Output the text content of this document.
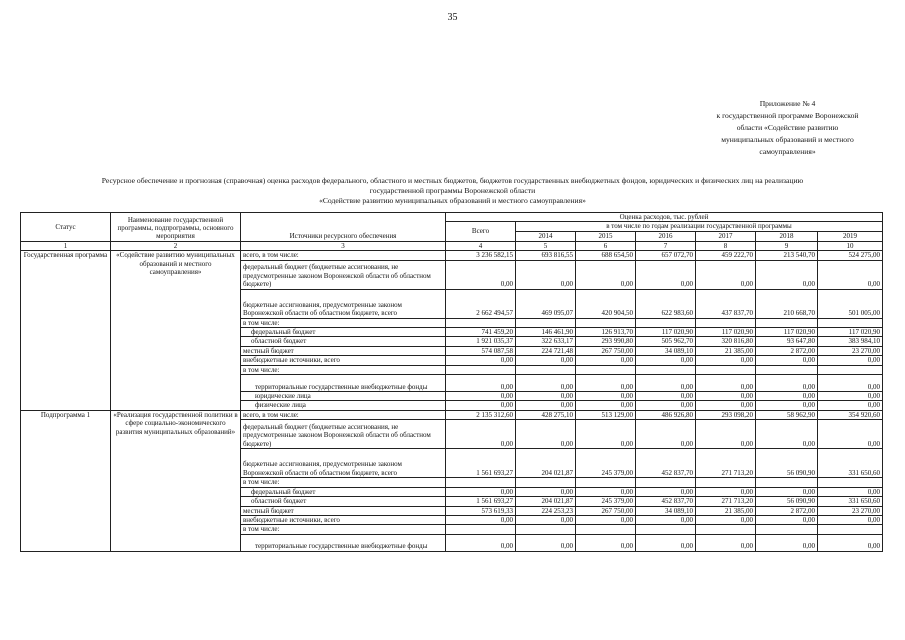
35
Приложение № 4
к государственной программе Воронежской
области «Содействие развитию
муниципальных образований и местного
самоуправления»
Ресурсное обеспечение и прогнозная (справочная) оценка расходов федерального, областного и местных бюджетов, бюджетов государственных внебюджетных фондов, юридических и физических лиц на реализацию
государственной программы Воронежской области
«Содействие развитию муниципальных образований и местного самоуправления»
Статус	Наименование государственной программы, подпрограммы, основного мероприятия	Источники ресурсного обеспечения	Оценка расходов, тыс. рублей						
			Всего	в том числе по годам реализации государственной программы					
				2014	2015	2016	2017	2018	2019
1	2	3	4	5	6	7	8	9	10
Государственная программа	«Содействие развитию муниципальных образований и местного самоуправления»	всего, в том числе:	3 236 582,15	693 816,55	688 654,50	657 072,70	459 222,70	213 540,70	524 275,00
		федеральный бюджет (бюджетные ассигнования, не предусмотренные законом Воронежской области об областном бюджете)	0,00	0,00	0,00	0,00	0,00	0,00	0,00
		бюджетные ассигнования, предусмотренные законом Воронежской области об областном бюджете, всего	2 662 494,57	469 095,07	420 904,50	622 983,60	437 837,70	210 668,70	501 005,00
		в том числе:							
		федеральный бюджет	741 459,20	146 461,90	126 913,70	117 020,90	117 020,90	117 020,90	117 020,90
		областной бюджет	1 921 035,37	322 633,17	293 990,80	505 962,70	320 816,80	93 647,80	383 984,10
		местный бюджет	574 087,58	224 721,48	267 750,00	34 089,10	21 385,00	2 872,00	23 270,00
		внебюджетные источники, всего	0,00	0,00	0,00	0,00	0,00	0,00	0,00
		в том числе:							
		территориальные государственные внебюджетные фонды	0,00	0,00	0,00	0,00	0,00	0,00	0,00
		юридические лица	0,00	0,00	0,00	0,00	0,00	0,00	0,00
		физические лица	0,00	0,00	0,00	0,00	0,00	0,00	0,00
Подпрограмма 1	«Реализация государственной политики в сфере социально-экономического развития муниципальных образований»	всего, в том числе:	2 135 312,60	428 275,10	513 129,00	486 926,80	293 098,20	58 962,90	354 920,60
		федеральный бюджет (бюджетные ассигнования, не предусмотренные законом Воронежской области об областном бюджете)	0,00	0,00	0,00	0,00	0,00	0,00	0,00
		бюджетные ассигнования, предусмотренные законом Воронежской области об областном бюджете, всего	1 561 693,27	204 021,87	245 379,00	452 837,70	271 713,20	56 090,90	331 650,60
		в том числе:							
		федеральный бюджет	0,00	0,00	0,00	0,00	0,00	0,00	0,00
		областной бюджет	1 561 693,27	204 021,87	245 379,00	452 837,70	271 713,20	56 090,90	331 650,60
		местный бюджет	573 619,33	224 253,23	267 750,00	34 089,10	21 385,00	2 872,00	23 270,00
		внебюджетные источники, всего	0,00	0,00	0,00	0,00	0,00	0,00	0,00
		в том числе:							
		территориальные государственные внебюджетные фонды	0,00	0,00	0,00	0,00	0,00	0,00	0,00
